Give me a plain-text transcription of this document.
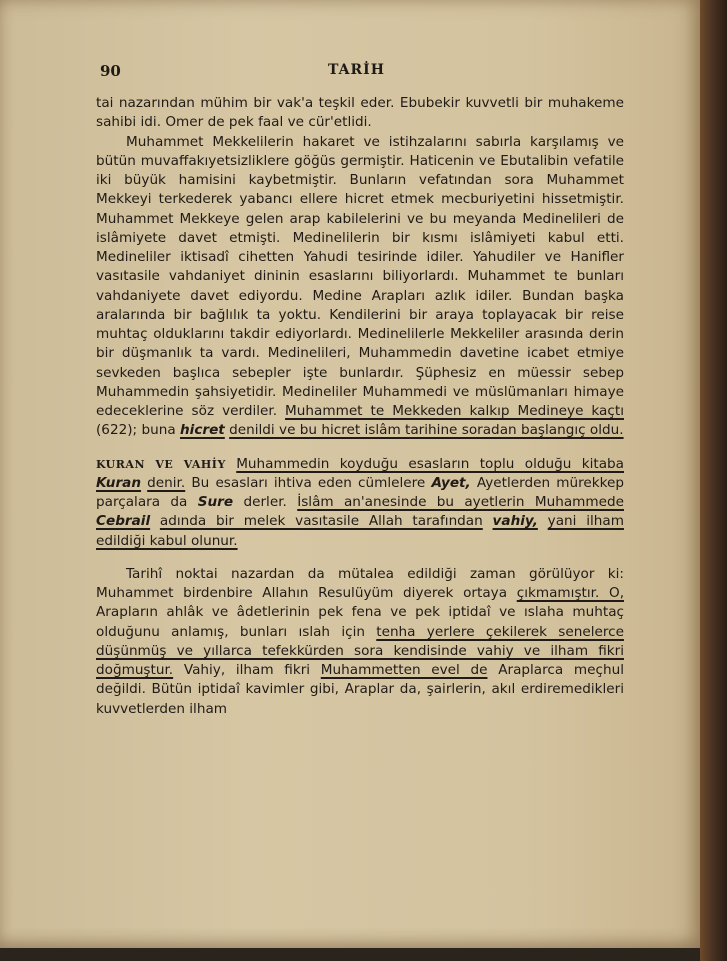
90	TARİH

tai nazarından mühim bir vak'a teşkil eder. Ebubekir kuvvetli bir muhakeme sahibi idi. Omer de pek faal ve cür'etlidi.

Muhammet Mekkelilerin hakaret ve istihzalarını sabırla karşılamış ve bütün muvaffakıyetsizliklere göğüs germiştir. Haticenin ve Ebutalibin vefatile iki büyük hamisini kaybetmiştir. Bunların vefatından sora Muhammet Mekkeyi terkederek yabancı ellere hicret etmek mecburiyetini hissetmiştir. Muhammet Mekkeye gelen arap kabilelerini ve bu meyanda Medinelileri de islâmiyete davet etmişti. Medinelilerin bir kısmı islâmiyeti kabul etti. Medineliler iktisadî cihetten Yahudi tesirinde idiler. Yahudiler ve Hanifler vasıtasile vahdaniyet dininin esaslarını biliyorlardı. Muhammet te bunları vahdaniyete davet ediyordu. Medine Arapları azlık idiler. Bundan başka aralarında bir bağlılık ta yoktu. Kendilerini bir araya toplayacak bir reise muhtaç olduklarını takdir ediyorlardı. Medinelilerle Mekkeliler arasında derin bir düşmanlık ta vardı. Medinelileri, Muhammedin davetine icabet etmiye sevkeden başlıca sebepler işte bunlardır. Şüphesiz en müessir sebep Muhammedin şahsiyetidir. Medineliler Muhammedi ve müslümanları himaye edeceklerine söz verdiler. Muhammet te Mekkeden kalkıp Medineye kaçtı (622); buna hicret denildi ve bu hicret islâm tarihine soradan başlangıç oldu.

KURAN VE VAHİY Muhammedin koyduğu esasların toplu olduğu kitaba Kuran denir. Bu esasları ihtiva eden cümlelere Ayet, Ayetlerden mürekkep parçalara da Sure derler. İslâm an'anesinde bu ayetlerin Muhammede Cebrail adında bir melek vasıtasile Allah tarafından vahiy, yani ilham edildiği kabul olunur.

Tarihî noktai nazardan da mütalea edildiği zaman görülüyor ki: Muhammet birdenbire Allahın Resulüyüm diyerek ortaya çıkmamıştır. O, Arapların ahlâk ve âdetlerinin pek fena ve pek iptidaî ve ıslaha muhtaç olduğunu anlamış, bunları ıslah için tenha yerlere çekilerek senelerce düşünmüş ve yıllarca tefekkürden sora kendisinde vahiy ve ilham fikri doğmuştur. Vahiy, ilham fikri Muhammetten evel de Araplarca meçhul değildi. Bütün iptidaî kavimler gibi, Araplar da, şairlerin, akıl erdiremedikleri kuvvetlerden ilham
